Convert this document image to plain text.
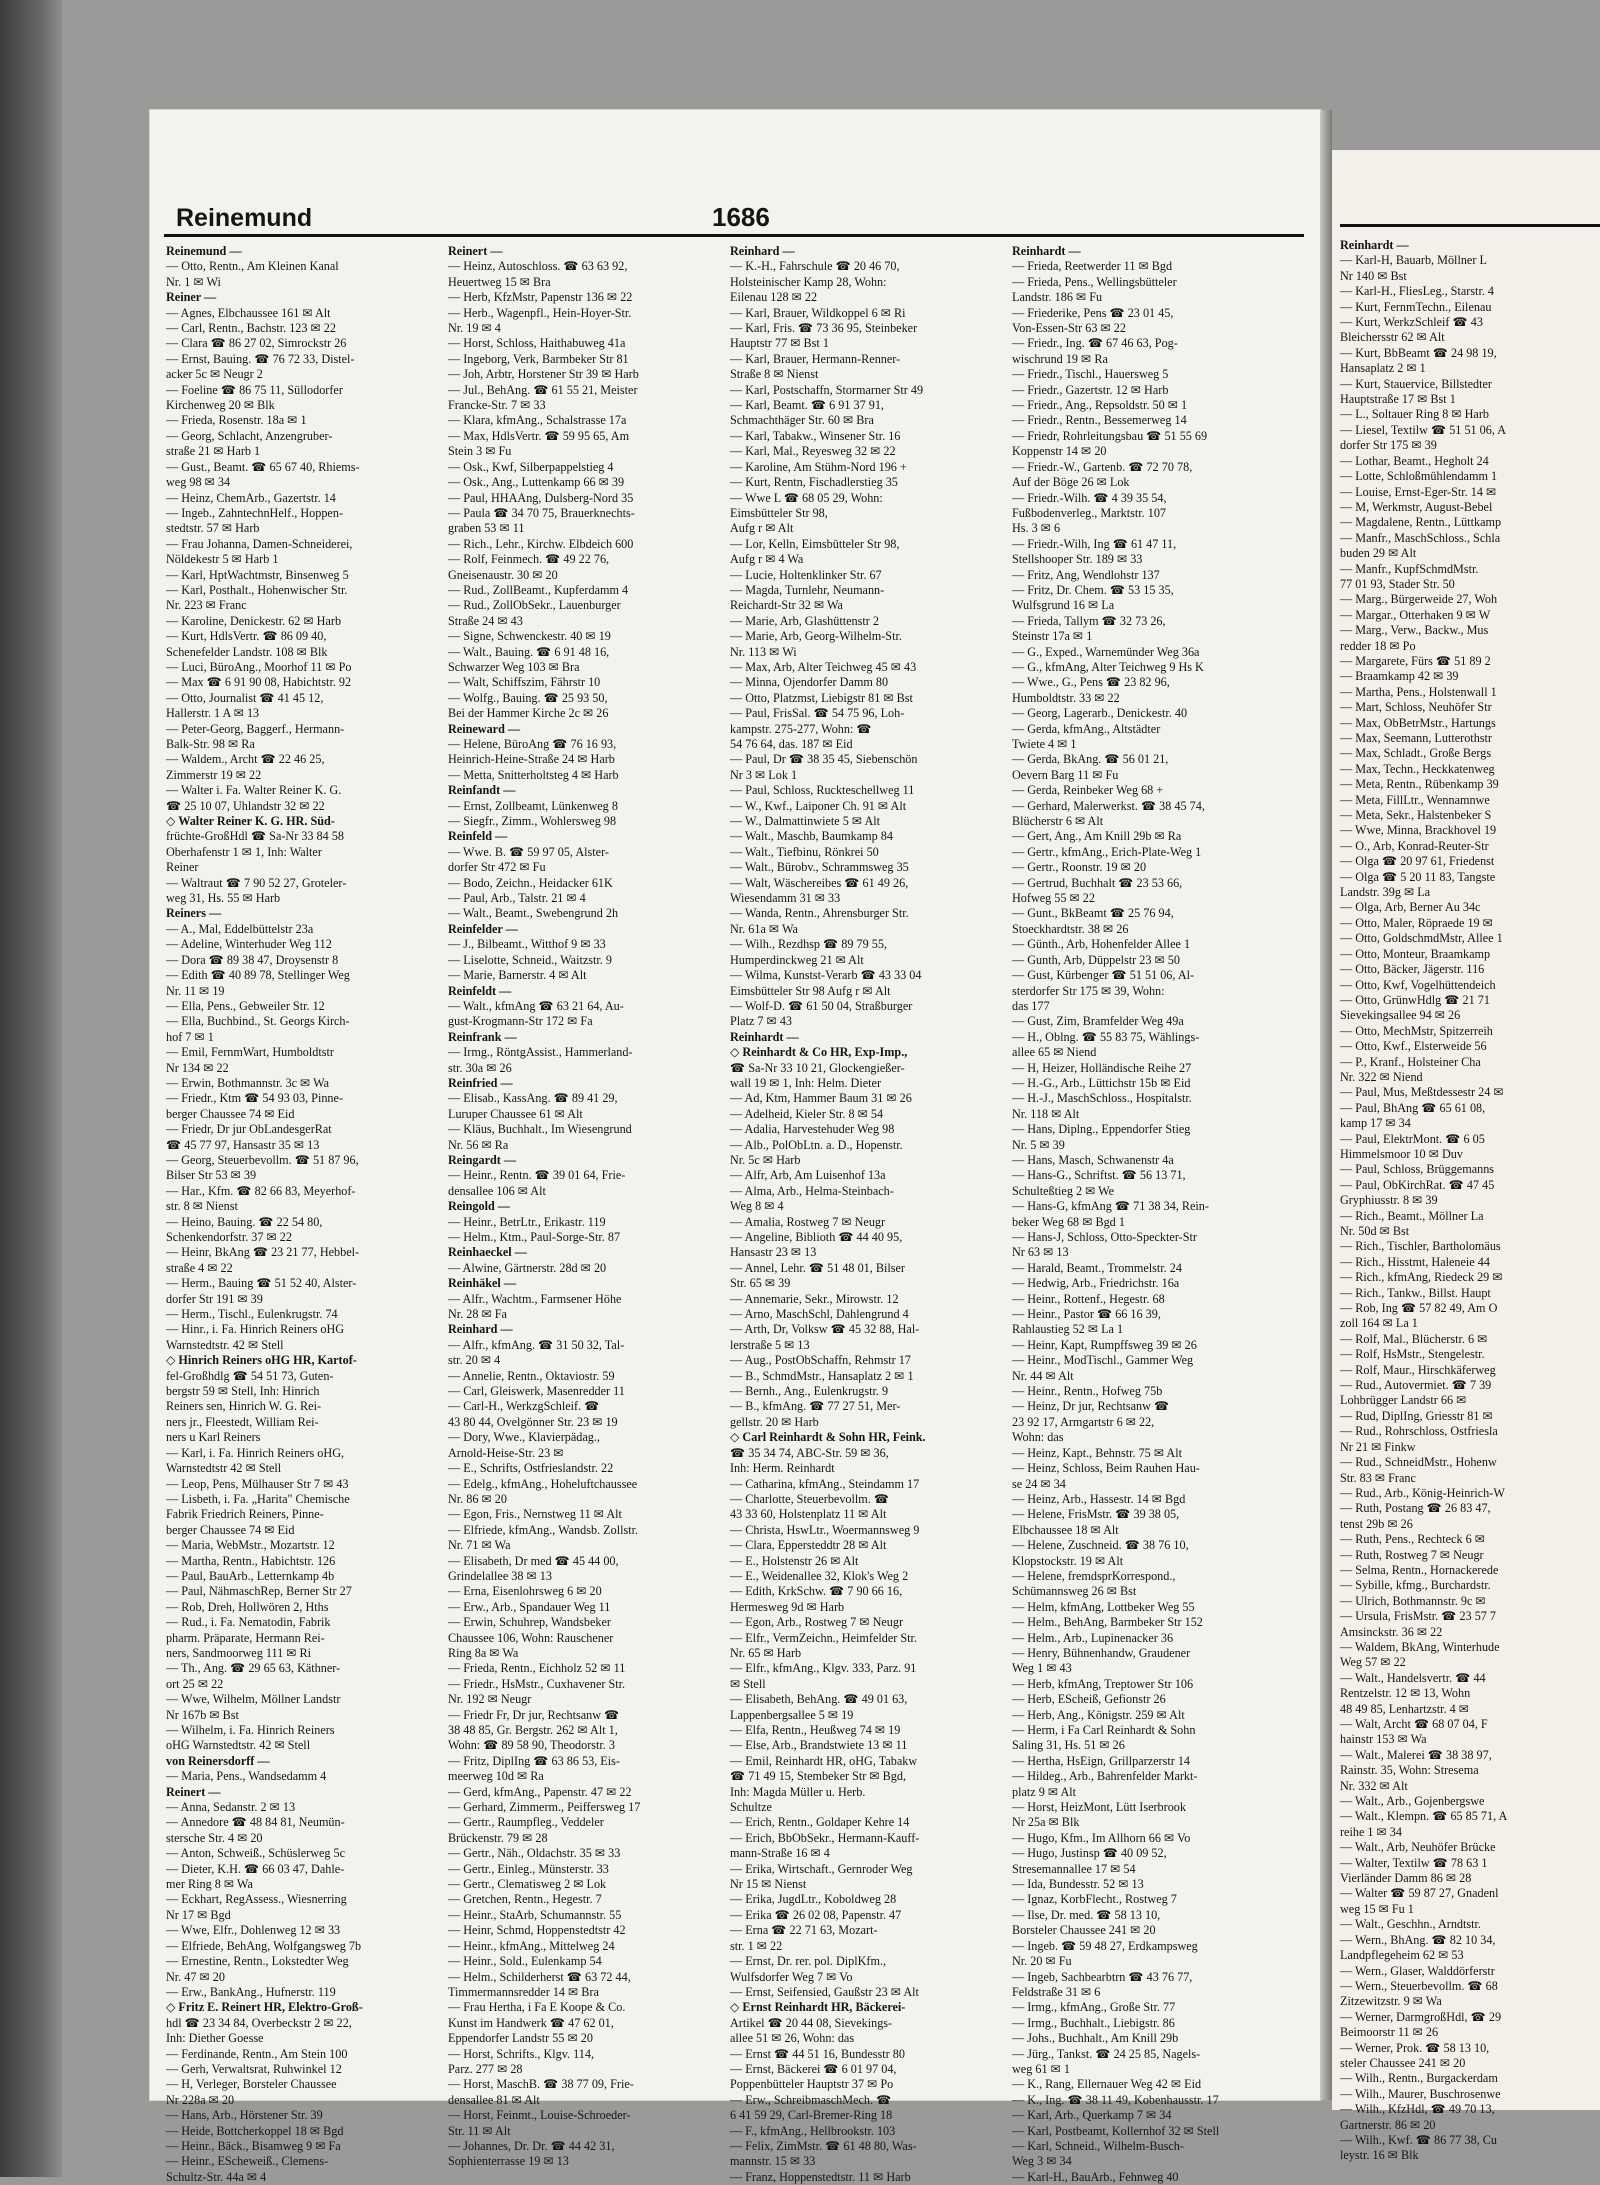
Reinemund	1686
Reinemund —
— Otto, Rentn., Am Kleinen Kanal
Nr. 1 ✉ Wi
Reiner —
— Agnes, Elbchaussee 161 ✉ Alt
— Carl, Rentn., Bachstr. 123 ✉ 22
— Clara ☎ 86 27 02, Simrockstr 26
— Ernst, Bauing. ☎ 76 72 33, Distel-
acker 5c ✉ Neugr 2
— Foeline ☎ 86 75 11, Süllodorfer
Kirchenweg 20 ✉ Blk
— Frieda, Rosenstr. 18a ✉ 1
— Georg, Schlacht, Anzengruber-
straße 21 ✉ Harb 1
— Gust., Beamt. ☎ 65 67 40, Rhiems-
weg 98 ✉ 34
— Heinz, ChemArb., Gazertstr. 14
— Ingeb., ZahntechnHelf., Hoppen-
stedtstr. 57 ✉ Harb
— Frau Johanna, Damen-Schneiderei,
Nöldekestr 5 ✉ Harb 1
— Karl, HptWachtmstr, Binsenweg 5
— Karl, Posthalt., Hohenwischer Str.
Nr. 223 ✉ Franc
— Karoline, Denickestr. 62 ✉ Harb
— Kurt, HdlsVertr. ☎ 86 09 40,
Schenefelder Landstr. 108 ✉ Blk
— Luci, BüroAng., Moorhof 11 ✉ Po
— Max ☎ 6 91 90 08, Habichtstr. 92
— Otto, Journalist ☎ 41 45 12,
Hallerstr. 1 A ✉ 13
— Peter-Georg, Baggerf., Hermann-
Balk-Str. 98 ✉ Ra
— Waldem., Archt ☎ 22 46 25,
Zimmerstr 19 ✉ 22
— Walter i. Fa. Walter Reiner K. G.
☎ 25 10 07, Uhlandstr 32 ✉ 22
◇ Walter Reiner K. G. HR. Süd-
früchte-GroßHdl ☎ Sa-Nr 33 84 58
Oberhafenstr 1 ✉ 1, Inh: Walter
Reiner
— Waltraut ☎ 7 90 52 27, Groteler-
weg 31, Hs. 55 ✉ Harb
Reiners —
— A., Mal, Eddelbüttelstr 23a
— Adeline, Winterhuder Weg 112
— Dora ☎ 89 38 47, Droysenstr 8
— Edith ☎ 40 89 78, Stellinger Weg
Nr. 11 ✉ 19
— Ella, Pens., Gebweiler Str. 12
— Ella, Buchbind., St. Georgs Kirch-
hof 7 ✉ 1
— Emil, FernmWart, Humboldtstr
Nr 134 ✉ 22
— Erwin, Bothmannstr. 3c ✉ Wa
— Friedr., Ktm ☎ 54 93 03, Pinne-
berger Chaussee 74 ✉ Eid
— Friedr, Dr jur ObLandesgerRat
☎ 45 77 97, Hansastr 35 ✉ 13
— Georg, Steuerbevollm. ☎ 51 87 96,
Bilser Str 53 ✉ 39
— Har., Kfm. ☎ 82 66 83, Meyerhof-
str. 8 ✉ Nienst
— Heino, Bauing. ☎ 22 54 80,
Schenkendorfstr. 37 ✉ 22
— Heinr, BkAng ☎ 23 21 77, Hebbel-
straße 4 ✉ 22
— Herm., Bauing ☎ 51 52 40, Alster-
dorfer Str 191 ✉ 39
— Herm., Tischl., Eulenkrugstr. 74
— Hinr., i. Fa. Hinrich Reiners oHG
Warnstedtstr. 42 ✉ Stell
◇ Hinrich Reiners oHG HR, Kartof-
fel-Großhdlg ☎ 54 51 73, Guten-
bergstr 59 ✉ Stell, Inh: Hinrich
Reiners sen, Hinrich W. G. Rei-
ners jr., Fleestedt, William Rei-
ners u Karl Reiners
— Karl, i. Fa. Hinrich Reiners oHG,
Warnstedtstr 42 ✉ Stell
— Leop, Pens, Mülhauser Str 7 ✉ 43
— Lisbeth, i. Fa. „Harita" Chemische
Fabrik Friedrich Reiners, Pinne-
berger Chaussee 74 ✉ Eid
— Maria, WebMstr., Mozartstr. 12
— Martha, Rentn., Habichtstr. 126
— Paul, BauArb., Letternkamp 4b
— Paul, NähmaschRep, Berner Str 27
— Rob, Dreh, Hollwören 2, Hths
— Rud., i. Fa. Nematodin, Fabrik
pharm. Präparate, Hermann Rei-
ners, Sandmoorweg 111 ✉ Ri
— Th., Ang. ☎ 29 65 63, Käthner-
ort 25 ✉ 22
— Wwe, Wilhelm, Möllner Landstr
Nr 167b ✉ Bst
— Wilhelm, i. Fa. Hinrich Reiners
oHG Warnstedtstr. 42 ✉ Stell
von Reinersdorff —
— Maria, Pens., Wandsedamm 4
Reinert —
— Anna, Sedanstr. 2 ✉ 13
— Annedore ☎ 48 84 81, Neumün-
stersche Str. 4 ✉ 20
— Anton, Schweiß., Schüslerweg 5c
— Dieter, K.H. ☎ 66 03 47, Dahle-
mer Ring 8 ✉ Wa
— Eckhart, RegAssess., Wiesnerring
Nr 17 ✉ Bgd
— Wwe, Elfr., Dohlenweg 12 ✉ 33
— Elfriede, BehAng, Wolfgangsweg 7b
— Ernestine, Rentn., Lokstedter Weg
Nr. 47 ✉ 20
— Erw., BankAng., Hufnerstr. 119
◇ Fritz E. Reinert HR, Elektro-Groß-
hdl ☎ 23 34 84, Overbeckstr 2 ✉ 22,
Inh: Diether Goesse
— Ferdinande, Rentn., Am Stein 100
— Gerh, Verwaltsrat, Ruhwinkel 12
— H, Verleger, Borsteler Chaussee
Nr 228a ✉ 20
— Hans, Arb., Hörstener Str. 39
— Heide, Bottcherkoppel 18 ✉ Bgd
— Heinr., Bäck., Bisamweg 9 ✉ Fa
— Heinr., EScheweiß., Clemens-
Schultz-Str. 44a ✉ 4
Reinert —
— Heinz, Autoschloss. ☎ 63 63 92,
Heuertweg 15 ✉ Bra
— Herb, KfzMstr, Papenstr 136 ✉ 22
— Herb., Wagenpfl., Hein-Hoyer-Str.
Nr. 19 ✉ 4
— Horst, Schloss, Haithabuweg 41a
— Ingeborg, Verk, Barmbeker Str 81
— Joh, Arbtr, Horstener Str 39 ✉ Harb
— Jul., BehAng. ☎ 61 55 21, Meister
Francke-Str. 7 ✉ 33
— Klara, kfmAng., Schalstrasse 17a
— Max, HdlsVertr. ☎ 59 95 65, Am
Stein 3 ✉ Fu
— Osk., Kwf, Silberpappelstieg 4
— Osk., Ang., Luttenkamp 66 ✉ 39
— Paul, HHAAng, Dulsberg-Nord 35
— Paula ☎ 34 70 75, Brauerknechts-
graben 53 ✉ 11
— Rich., Lehr., Kirchw. Elbdeich 600
— Rolf, Feinmech. ☎ 49 22 76,
Gneisenaustr. 30 ✉ 20
— Rud., ZollBeamt., Kupferdamm 4
— Rud., ZollObSekr., Lauenburger
Straße 24 ✉ 43
— Signe, Schwenckestr. 40 ✉ 19
— Walt., Bauing. ☎ 6 91 48 16,
Schwarzer Weg 103 ✉ Bra
— Walt, Schiffszim, Fährstr 10
— Wolfg., Bauing. ☎ 25 93 50,
Bei der Hammer Kirche 2c ✉ 26
Reineward —
— Helene, BüroAng ☎ 76 16 93,
Heinrich-Heine-Straße 24 ✉ Harb
— Metta, Snitterholtsteg 4 ✉ Harb
Reinfandt —
— Ernst, Zollbeamt, Lünkenweg 8
— Siegfr., Zimm., Wohlersweg 98
Reinfeld —
— Wwe. B. ☎ 59 97 05, Alster-
dorfer Str 472 ✉ Fu
— Bodo, Zeichn., Heidacker 61K
— Paul, Arb., Talstr. 21 ✉ 4
— Walt., Beamt., Swebengrund 2h
Reinfelder —
— J., Bilbeamt., Witthof 9 ✉ 33
— Liselotte, Schneid., Waitzstr. 9
— Marie, Barnerstr. 4 ✉ Alt
Reinfeldt —
— Walt., kfmAng ☎ 63 21 64, Au-
gust-Krogmann-Str 172 ✉ Fa
Reinfrank —
— Irmg., RöntgAssist., Hammerland-
str. 30a ✉ 26
Reinfried —
— Elisab., KassAng. ☎ 89 41 29,
Luruper Chaussee 61 ✉ Alt
— Kläus, Buchhalt., Im Wiesengrund
Nr. 56 ✉ Ra
Reingardt —
— Heinr., Rentn. ☎ 39 01 64, Frie-
densallee 106 ✉ Alt
Reingold —
— Heinr., BetrLtr., Erikastr. 119
— Helm., Ktm., Paul-Sorge-Str. 87
Reinhaeckel —
— Alwine, Gärtnerstr. 28d ✉ 20
Reinhäkel —
— Alfr., Wachtm., Farmsener Höhe
Nr. 28 ✉ Fa
Reinhard —
— Alfr., kfmAng. ☎ 31 50 32, Tal-
str. 20 ✉ 4
— Annelie, Rentn., Oktaviostr. 59
— Carl, Gleiswerk, Masenredder 11
— Carl-H., WerkzgSchleif. ☎
43 80 44, Ovelgönner Str. 23 ✉ 19
— Dory, Wwe., Klavierpädag.,
Arnold-Heise-Str. 23 ✉
— E., Schrifts, Ostfrieslandstr. 22
— Edelg., kfmAng., Hoheluftchaussee
Nr. 86 ✉ 20
— Egon, Fris., Nernstweg 11 ✉ Alt
— Elfriede, kfmAng., Wandsb. Zollstr.
Nr. 71 ✉ Wa
— Elisabeth, Dr med ☎ 45 44 00,
Grindelallee 38 ✉ 13
— Erna, Eisenlohrsweg 6 ✉ 20
— Erw., Arb., Spandauer Weg 11
— Erwin, Schuhrep, Wandsbeker
Chaussee 106, Wohn: Rauschener
Ring 8a ✉ Wa
— Frieda, Rentn., Eichholz 52 ✉ 11
— Friedr., HsMstr., Cuxhavener Str.
Nr. 192 ✉ Neugr
— Friedr Fr, Dr jur, Rechtsanw ☎
38 48 85, Gr. Bergstr. 262 ✉ Alt 1,
Wohn: ☎ 89 58 90, Theodorstr. 3
— Fritz, DiplIng ☎ 63 86 53, Eis-
meerweg 10d ✉ Ra
— Gerd, kfmAng., Papenstr. 47 ✉ 22
— Gerhard, Zimmerm., Peiffersweg 17
— Gertr., Raumpfleg., Veddeler
Brückenstr. 79 ✉ 28
— Gertr., Näh., Oldachstr. 35 ✉ 33
— Gertr., Einleg., Münsterstr. 33
— Gertr., Clematisweg 2 ✉ Lok
— Gretchen, Rentn., Hegestr. 7
— Heinr., StaArb, Schumannstr. 55
— Heinr, Schmd, Hoppenstedtstr 42
— Heinr., kfmAng., Mittelweg 24
— Heinr., Sold., Eulenkamp 54
— Helm., Schilderherst ☎ 63 72 44,
Timmermannsredder 14 ✉ Bra
— Frau Hertha, i Fa E Koope & Co.
Kunst im Handwerk ☎ 47 62 01,
Eppendorfer Landstr 55 ✉ 20
— Horst, Schrifts., Klgv. 114,
Parz. 277 ✉ 28
— Horst, MaschB. ☎ 38 77 09, Frie-
densallee 81 ✉ Alt
— Horst, Feinmt., Louise-Schroeder-
Str. 11 ✉ Alt
— Johannes, Dr. Dr. ☎ 44 42 31,
Sophienterrasse 19 ✉ 13
Reinhard —
— K.-H., Fahrschule ☎ 20 46 70,
Holsteinischer Kamp 28, Wohn:
Eilenau 128 ✉ 22
— Karl, Brauer, Wildkoppel 6 ✉ Ri
— Karl, Fris. ☎ 73 36 95, Steinbeker
Hauptstr 77 ✉ Bst 1
— Karl, Brauer, Hermann-Renner-
Straße 8 ✉ Nienst
— Karl, Postschaffn, Stormarner Str 49
— Karl, Beamt. ☎ 6 91 37 91,
Schmachthäger Str. 60 ✉ Bra
— Karl, Tabakw., Winsener Str. 16
— Karl, Mal., Reyesweg 32 ✉ 22
— Karoline, Am Stühm-Nord 196 +
— Kurt, Rentn, Fischadlerstieg 35
— Wwe L ☎ 68 05 29, Wohn:
Eimsbütteler Str 98,
Aufg r ✉ Alt
— Lor, Kelln, Eimsbütteler Str 98,
Aufg r ✉ 4 Wa
— Lucie, Holtenklinker Str. 67
— Magda, Turnlehr, Neumann-
Reichardt-Str 32 ✉ Wa
— Marie, Arb, Glashüttenstr 2
— Marie, Arb, Georg-Wilhelm-Str.
Nr. 113 ✉ Wi
— Max, Arb, Alter Teichweg 45 ✉ 43
— Minna, Ojendorfer Damm 80
— Otto, Platzmst, Liebigstr 81 ✉ Bst
— Paul, FrisSal. ☎ 54 75 96, Loh-
kampstr. 275-277, Wohn: ☎
54 76 64, das. 187 ✉ Eid
— Paul, Dr ☎ 38 35 45, Siebenschön
Nr 3 ✉ Lok 1
— Paul, Schloss, Ruckteschellweg 11
— W., Kwf., Laiponer Ch. 91 ✉ Alt
— W., Dalmattinwiete 5 ✉ Alt
— Walt., Maschb, Baumkamp 84
— Walt., Tiefbinu, Rönkrei 50
— Walt., Bürobv., Schrammsweg 35
— Walt, Wäschereibes ☎ 61 49 26,
Wiesendamm 31 ✉ 33
— Wanda, Rentn., Ahrensburger Str.
Nr. 61a ✉ Wa
— Wilh., Rezdhsp ☎ 89 79 55,
Humperdinckweg 21 ✉ Alt
— Wilma, Kunstst-Verarb ☎ 43 33 04
Eimsbütteler Str 98 Aufg r ✉ Alt
— Wolf-D. ☎ 61 50 04, Straßburger
Platz 7 ✉ 43
Reinhardt —
◇ Reinhardt & Co HR, Exp-Imp.,
☎ Sa-Nr 33 10 21, Glockengießer-
wall 19 ✉ 1, Inh: Helm. Dieter
— Ad, Ktm, Hammer Baum 31 ✉ 26
— Adelheid, Kieler Str. 8 ✉ 54
— Adalia, Harvestehuder Weg 98
— Alb., PolObLtn. a. D., Hopenstr.
Nr. 5c ✉ Harb
— Alfr, Arb, Am Luisenhof 13a
— Alma, Arb., Helma-Steinbach-
Weg 8 ✉ 4
— Amalia, Rostweg 7 ✉ Neugr
— Angeline, Biblioth ☎ 44 40 95,
Hansastr 23 ✉ 13
— Annel, Lehr. ☎ 51 48 01, Bilser
Str. 65 ✉ 39
— Annemarie, Sekr., Mirowstr. 12
— Arno, MaschSchl, Dahlengrund 4
— Arth, Dr, Volksw ☎ 45 32 88, Hal-
lerstraße 5 ✉ 13
— Aug., PostObSchaffn, Rehmstr 17
— B., SchmdMstr., Hansaplatz 2 ✉ 1
— Bernh., Ang., Eulenkrugstr. 9
— B., kfmAng. ☎ 77 27 51, Mer-
gellstr. 20 ✉ Harb
◇ Carl Reinhardt & Sohn HR, Feink.
☎ 35 34 74, ABC-Str. 59 ✉ 36,
Inh: Herm. Reinhardt
— Catharina, kfmAng., Steindamm 17
— Charlotte, Steuerbevollm. ☎
43 33 60, Holstenplatz 11 ✉ Alt
— Christa, HswLtr., Woermannsweg 9
— Clara, Eppersteddtr 28 ✉ Alt
— E., Holstenstr 26 ✉ Alt
— E., Weidenallee 32, Klok's Weg 2
— Edith, KrkSchw. ☎ 7 90 66 16,
Hermesweg 9d ✉ Harb
— Egon, Arb., Rostweg 7 ✉ Neugr
— Elfr., VermZeichn., Heimfelder Str.
Nr. 65 ✉ Harb
— Elfr., kfmAng., Klgv. 333, Parz. 91
✉ Stell
— Elisabeth, BehAng. ☎ 49 01 63,
Lappenbergsallee 5 ✉ 19
— Elfa, Rentn., Heußweg 74 ✉ 19
— Else, Arb., Brandstwiete 13 ✉ 11
— Emil, Reinhardt HR, oHG, Tabakw
☎ 71 49 15, Stembeker Str ✉ Bgd,
Inh: Magda Müller u. Herb.
Schultze
— Erich, Rentn., Goldaper Kehre 14
— Erich, BbObSekr., Hermann-Kauff-
mann-Straße 16 ✉ 4
— Erika, Wirtschaft., Gernroder Weg
Nr 15 ✉ Nienst
— Erika, JugdLtr., Koboldweg 28
— Erika ☎ 26 02 08, Papenstr. 47
— Erna ☎ 22 71 63, Mozart-
str. 1 ✉ 22
— Ernst, Dr. rer. pol. DiplKfm.,
Wulfsdorfer Weg 7 ✉ Vo
— Ernst, Seifensied, Gaußstr 23 ✉ Alt
◇ Ernst Reinhardt HR, Bäckerei-
Artikel ☎ 20 44 08, Sievekings-
allee 51 ✉ 26, Wohn: das
— Ernst ☎ 44 51 16, Bundesstr 80
— Ernst, Bäckerei ☎ 6 01 97 04,
Poppenbütteler Hauptstr 37 ✉ Po
— Erw., SchreibmaschMech. ☎
6 41 59 29, Carl-Bremer-Ring 18
— F., kfmAng., Hellbrookstr. 103
— Felix, ZimMstr. ☎ 61 48 80, Was-
mannstr. 15 ✉ 33
— Franz, Hoppenstedtstr. 11 ✉ Harb
Reinhardt —
— Frieda, Reetwerder 11 ✉ Bgd
— Frieda, Pens., Wellingsbütteler
Landstr. 186 ✉ Fu
— Friederike, Pens ☎ 23 01 45,
Von-Essen-Str 63 ✉ 22
— Friedr., Ing. ☎ 67 46 63, Pog-
wischrund 19 ✉ Ra
— Friedr., Tischl., Hauersweg 5
— Friedr., Gazertstr. 12 ✉ Harb
— Friedr., Ang., Repsoldstr. 50 ✉ 1
— Friedr., Rentn., Bessemerweg 14
— Friedr, Rohrleitungsbau ☎ 51 55 69
Koppenstr 14 ✉ 20
— Friedr.-W., Gartenb. ☎ 72 70 78,
Auf der Böge 26 ✉ Lok
— Friedr.-Wilh. ☎ 4 39 35 54,
Fußbodenverleg., Marktstr. 107
Hs. 3 ✉ 6
— Friedr.-Wilh, Ing ☎ 61 47 11,
Stellshooper Str. 189 ✉ 33
— Fritz, Ang, Wendlohstr 137
— Fritz, Dr. Chem. ☎ 53 15 35,
Wulfsgrund 16 ✉ La
— Frieda, Tallym ☎ 32 73 26,
Steinstr 17a ✉ 1
— G., Exped., Warnemünder Weg 36a
— G., kfmAng, Alter Teichweg 9 Hs K
— Wwe., G., Pens ☎ 23 82 96,
Humboldtstr. 33 ✉ 22
— Georg, Lagerarb., Denickestr. 40
— Gerda, kfmAng., Altstädter
Twiete 4 ✉ 1
— Gerda, BkAng. ☎ 56 01 21,
Oevern Barg 11 ✉ Fu
— Gerda, Reinbeker Weg 68 +
— Gerhard, Malerwerkst. ☎ 38 45 74,
Blücherstr 6 ✉ Alt
— Gert, Ang., Am Knill 29b ✉ Ra
— Gertr., kfmAng., Erich-Plate-Weg 1
— Gertr., Roonstr. 19 ✉ 20
— Gertrud, Buchhalt ☎ 23 53 66,
Hofweg 55 ✉ 22
— Gunt., BkBeamt ☎ 25 76 94,
Stoeckhardtstr. 38 ✉ 26
— Günth., Arb, Hohenfelder Allee 1
— Gunth, Arb, Düppelstr 23 ✉ 50
— Gust, Kürbenger ☎ 51 51 06, Al-
sterdorfer Str 175 ✉ 39, Wohn:
das 177
— Gust, Zim, Bramfelder Weg 49a
— H., Oblng. ☎ 55 83 75, Wählings-
allee 65 ✉ Niend
— H, Heizer, Holländische Reihe 27
— H.-G., Arb., Lüttichstr 15b ✉ Eid
— H.-J., MaschSchloss., Hospitalstr.
Nr. 118 ✉ Alt
— Hans, Diplng., Eppendorfer Stieg
Nr. 5 ✉ 39
— Hans, Masch, Schwanenstr 4a
— Hans-G., Schriftst. ☎ 56 13 71,
Schulteßtieg 2 ✉ We
— Hans-G, kfmAng ☎ 71 38 34, Rein-
beker Weg 68 ✉ Bgd 1
— Hans-J, Schloss, Otto-Speckter-Str
Nr 63 ✉ 13
— Harald, Beamt., Trommelstr. 24
— Hedwig, Arb., Friedrichstr. 16a
— Heinr., Rottenf., Hegestr. 68
— Heinr., Pastor ☎ 66 16 39,
Rahlaustieg 52 ✉ La 1
— Heinr, Kapt, Rumpffsweg 39 ✉ 26
— Heinr., ModTischl., Gammer Weg
Nr. 44 ✉ Alt
— Heinr., Rentn., Hofweg 75b
— Heinz, Dr jur, Rechtsanw ☎
23 92 17, Armgartstr 6 ✉ 22,
Wohn: das
— Heinz, Kapt., Behnstr. 75 ✉ Alt
— Heinz, Schloss, Beim Rauhen Hau-
se 24 ✉ 34
— Heinz, Arb., Hassestr. 14 ✉ Bgd
— Helene, FrisMstr. ☎ 39 38 05,
Elbchaussee 18 ✉ Alt
— Helene, Zuschneid. ☎ 38 76 10,
Klopstockstr. 19 ✉ Alt
— Helene, fremdsprKorrespond.,
Schümannsweg 26 ✉ Bst
— Helm, kfmAng, Lottbeker Weg 55
— Helm., BehAng, Barmbeker Str 152
— Helm., Arb., Lupinenacker 36
— Henry, Bühnenhandw, Graudener
Weg 1 ✉ 43
— Herb, kfmAng, Treptower Str 106
— Herb, EScheiß, Gefionstr 26
— Herb, Ang., Königstr. 259 ✉ Alt
— Herm, i Fa Carl Reinhardt & Sohn
Saling 31, Hs. 51 ✉ 26
— Hertha, HsEign, Grillparzerstr 14
— Hildeg., Arb., Bahrenfelder Markt-
platz 9 ✉ Alt
— Horst, HeizMont, Lütt Iserbrook
Nr 25a ✉ Blk
— Hugo, Kfm., Im Allhorn 66 ✉ Vo
— Hugo, Justinsp ☎ 40 09 52,
Stresemannallee 17 ✉ 54
— Ida, Bundesstr. 52 ✉ 13
— Ignaz, KorbFlecht., Rostweg 7
— Ilse, Dr. med. ☎ 58 13 10,
Borsteler Chaussee 241 ✉ 20
— Ingeb. ☎ 59 48 27, Erdkampsweg
Nr. 20 ✉ Fu
— Ingeb, Sachbearbtrn ☎ 43 76 77,
Feldstraße 31 ✉ 6
— Irmg., kfmAng., Große Str. 77
— Irmg., Buchhalt., Liebigstr. 86
— Johs., Buchhalt., Am Knill 29b
— Jürg., Tankst. ☎ 24 25 85, Nagels-
weg 61 ✉ 1
— K., Rang, Ellernauer Weg 42 ✉ Eid
— K., Ing. ☎ 38 11 49, Kobenhausstr. 17
— Karl, Arb., Querkamp 7 ✉ 34
— Karl, Postbeamt, Kollernhof 32 ✉ Stell
— Karl, Schneid., Wilhelm-Busch-
Weg 3 ✉ 34
— Karl-H., BauArb., Fehnweg 40
Reinhardt —
— Karl-H, Bauarb, Möllner L
Nr 140 ✉ Bst
— Karl-H., FliesLeg., Starstr. 4
— Kurt, FernmTechn., Eilenau
— Kurt, WerkzSchleif ☎ 43
Bleichersstr 62 ✉ Alt
— Kurt, BbBeamt ☎ 24 98 19,
Hansaplatz 2 ✉ 1
— Kurt, Stauervice, Billstedter
Hauptstraße 17 ✉ Bst 1
— L., Soltauer Ring 8 ✉ Harb
— Liesel, Textilw ☎ 51 51 06, A
dorfer Str 175 ✉ 39
— Lothar, Beamt., Hegholt 24
— Lotte, Schloßmühlendamm 1
— Louise, Ernst-Eger-Str. 14 ✉
— M, Werkmstr, August-Bebel
— Magdalene, Rentn., Lüttkamp
— Manfr., MaschSchloss., Schla
buden 29 ✉ Alt
— Manfr., KupfSchmdMstr.
77 01 93, Stader Str. 50
— Marg., Bürgerweide 27, Woh
— Margar., Otterhaken 9 ✉ W
— Marg., Verw., Backw., Mus
redder 18 ✉ Po
— Margarete, Fürs ☎ 51 89 2
— Braamkamp 42 ✉ 39
— Martha, Pens., Holstenwall 1
— Mart, Schloss, Neuhöfer Str
— Max, ObBetrMstr., Hartungs
— Max, Seemann, Lutterothstr
— Max, Schladt., Große Bergs
— Max, Techn., Heckkatenweg
— Meta, Rentn., Rübenkamp 39
— Meta, FillLtr., Wennamnwe
— Meta, Sekr., Halstenbeker S
— Wwe, Minna, Brackhovel 19
— O., Arb, Konrad-Reuter-Str
— Olga ☎ 20 97 61, Friedenst
— Olga ☎ 5 20 11 83, Tangste
Landstr. 39g ✉ La
— Olga, Arb, Berner Au 34c
— Otto, Maler, Röpraede 19 ✉
— Otto, GoldschmdMstr, Allee 1
— Otto, Monteur, Braamkamp
— Otto, Bäcker, Jägerstr. 116
— Otto, Kwf, Vogelhüttendeich
— Otto, GrünwHdlg ☎ 21 71
Sievekingsallee 94 ✉ 26
— Otto, MechMstr, Spitzerreih
— Otto, Kwf., Elsterweide 56
— P., Kranf., Holsteiner Cha
Nr. 322 ✉ Niend
— Paul, Mus, Meßtdessestr 24 ✉
— Paul, BhAng ☎ 65 61 08,
kamp 17 ✉ 34
— Paul, ElektrMont. ☎ 6 05
Himmelsmoor 10 ✉ Duv
— Paul, Schloss, Brüggemanns
— Paul, ObKirchRat. ☎ 47 45
Gryphiusstr. 8 ✉ 39
— Rich., Beamt., Möllner La
Nr. 50d ✉ Bst
— Rich., Tischler, Bartholomäus
— Rich., Hisstmt, Haleneie 44
— Rich., kfmAng, Riedeck 29 ✉
— Rich., Tankw., Billst. Haupt
— Rob, Ing ☎ 57 82 49, Am O
zoll 164 ✉ La 1
— Rolf, Mal., Blücherstr. 6 ✉
— Rolf, HsMstr., Stengelestr.
— Rolf, Maur., Hirschkäferweg
— Rud., Autovermiet. ☎ 7 39
Lohbrügger Landstr 66 ✉
— Rud, DiplIng, Griesstr 81 ✉
— Rud., Rohrschloss, Ostfriesla
Nr 21 ✉ Finkw
— Rud., SchneidMstr., Hohenw
Str. 83 ✉ Franc
— Rud., Arb., König-Heinrich-W
— Ruth, Postang ☎ 26 83 47,
tenst 29b ✉ 26
— Ruth, Pens., Rechteck 6 ✉
— Ruth, Rostweg 7 ✉ Neugr
— Selma, Rentn., Hornackerede
— Sybille, kfmg., Burchardstr.
— Ulrich, Bothmannstr. 9c ✉
— Ursula, FrisMstr. ☎ 23 57 7
Amsinckstr. 36 ✉ 22
— Waldem, BkAng, Winterhude
Weg 57 ✉ 22
— Walt., Handelsvertr. ☎ 44
Rentzelstr. 12 ✉ 13, Wohn
48 49 85, Lenhartzstr. 4 ✉
— Walt, Archt ☎ 68 07 04, F
hainstr 153 ✉ Wa
— Walt., Malerei ☎ 38 38 97,
Rainstr. 35, Wohn: Stresema
Nr. 332 ✉ Alt
— Walt., Arb., Gojenbergswe
— Walt., Klempn. ☎ 65 85 71, A
reihe 1 ✉ 34
— Walt., Arb, Neuhöfer Brücke
— Walter, Textilw ☎ 78 63 1
Vierländer Damm 86 ✉ 28
— Walter ☎ 59 87 27, Gnadenl
weg 15 ✉ Fu 1
— Walt., Geschhn., Arndtstr.
— Wern., BhAng. ☎ 82 10 34,
Landpflegeheim 62 ✉ 53
— Wern., Glaser, Walddörferstr
— Wern., Steuerbevollm. ☎ 68
Zitzewitzstr. 9 ✉ Wa
— Werner, DarmgroßHdl, ☎ 29
Beimoorstr 11 ✉ 26
— Werner, Prok. ☎ 58 13 10,
steler Chaussee 241 ✉ 20
— Wilh., Rentn., Burgackerdam
— Wilh., Maurer, Buschrosenwe
— Wilh., KfzHdl, ☎ 49 70 13,
Gartnerstr. 86 ✉ 20
— Wilh., Kwf. ☎ 86 77 38, Cu
leystr. 16 ✉ Blk
